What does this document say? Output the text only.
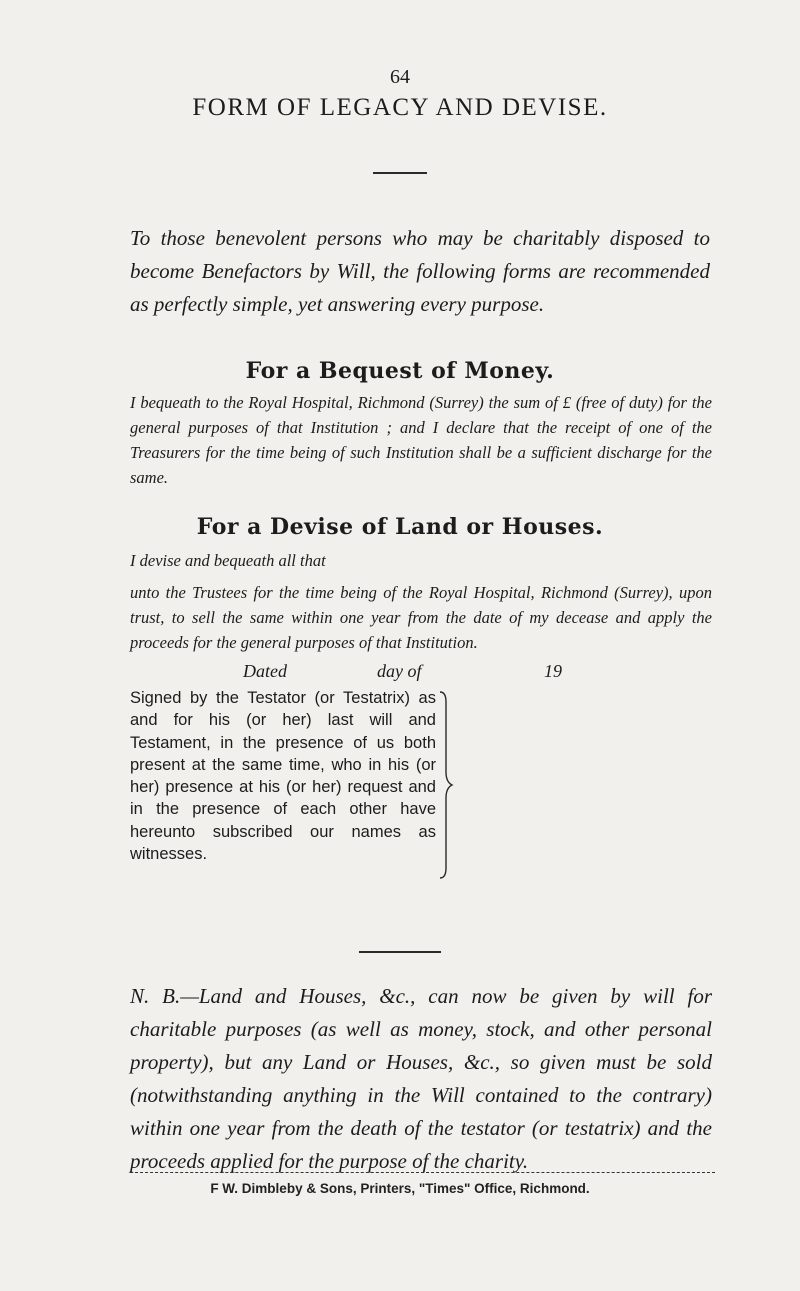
64
FORM OF LEGACY AND DEVISE.
To those benevolent persons who may be charitably disposed to become Benefactors by Will, the following forms are recommended as perfectly simple, yet answering every purpose.
For a Bequest of Money.
I bequeath to the Royal Hospital, Richmond (Surrey) the sum of £ (free of duty) for the general purposes of that Institution ; and I declare that the receipt of one of the Treasurers for the time being of such Institution shall be a sufficient discharge for the same.
For a Devise of Land or Houses.
I devise and bequeath all that
unto the Trustees for the time being of the Royal Hospital, Richmond (Surrey), upon trust, to sell the same within one year from the date of my decease and apply the proceeds for the general purposes of that Institution.
Dated	day of	19
Signed by the Testator (or Testatrix) as and for his (or her) last will and Testament, in the presence of us both present at the same time, who in his (or her) presence at his (or her) request and in the presence of each other have hereunto subscribed our names as witnesses.
N. B.—Land and Houses, &c., can now be given by will for charitable purposes (as well as money, stock, and other personal property), but any Land or Houses, &c., so given must be sold (notwithstanding anything in the Will contained to the contrary) within one year from the death of the testator (or testatrix) and the proceeds applied for the purpose of the charity.
F W. Dimbleby & Sons, Printers, "Times" Office, Richmond.
